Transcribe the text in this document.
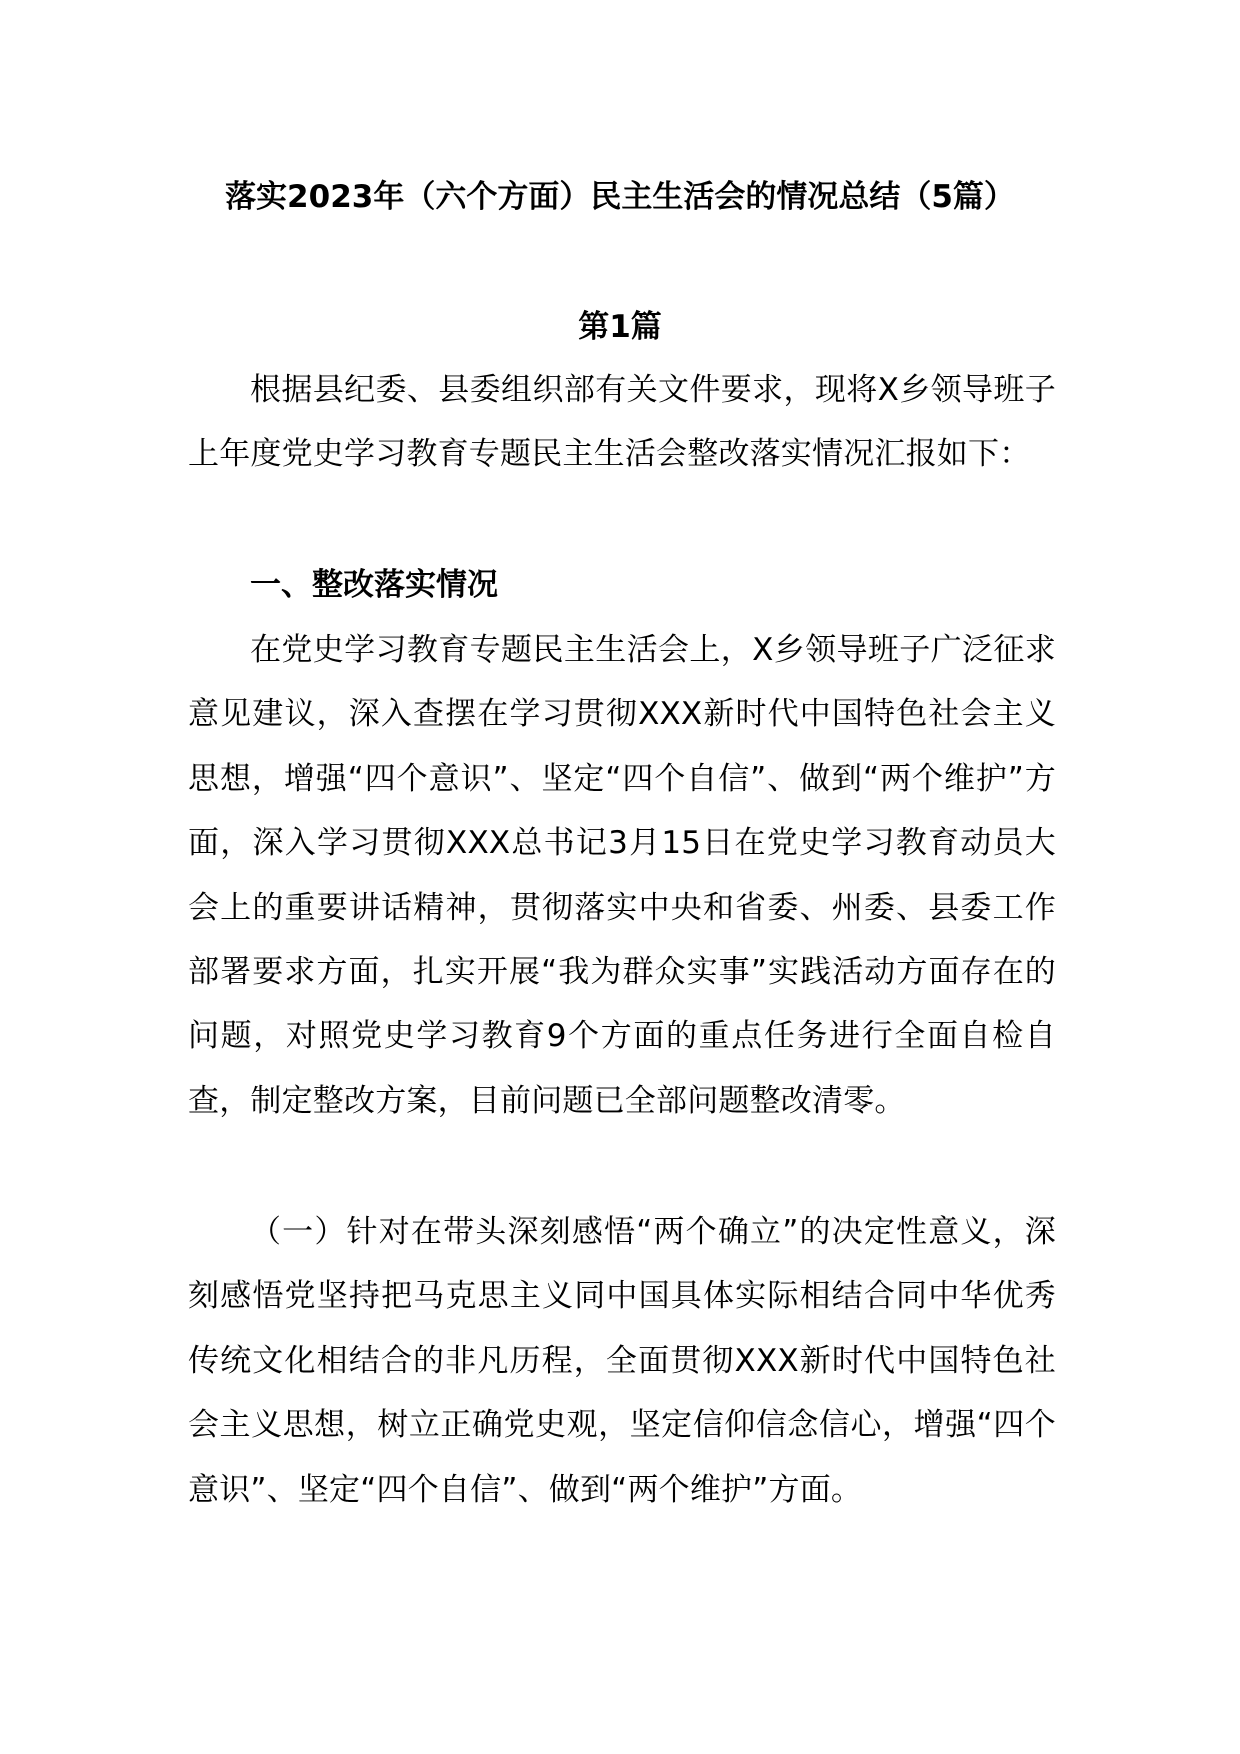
落实2023年（六个方面）民主生活会的情况总结（5篇）
第1篇

根据县纪委、县委组织部有关文件要求，现将X乡领导班子上年度党史学习教育专题民主生活会整改落实情况汇报如下：

一、整改落实情况

在党史学习教育专题民主生活会上，X乡领导班子广泛征求意见建议，深入查摆在学习贯彻XXX新时代中国特色社会主义思想，增强“四个意识”、坚定“四个自信”、做到“两个维护”方面，深入学习贯彻XXX总书记3月15日在党史学习教育动员大会上的重要讲话精神，贯彻落实中央和省委、州委、县委工作部署要求方面，扎实开展“我为群众实事”实践活动方面存在的问题，对照党史学习教育9个方面的重点任务进行全面自检自查，制定整改方案，目前问题已全部问题整改清零。

（一）针对在带头深刻感悟“两个确立”的决定性意义，深刻感悟党坚持把马克思主义同中国具体实际相结合同中华优秀传统文化相结合的非凡历程，全面贯彻XXX新时代中国特色社会主义思想，树立正确党史观，坚定信仰信念信心，增强“四个意识”、坚定“四个自信”、做到“两个维护”方面。
